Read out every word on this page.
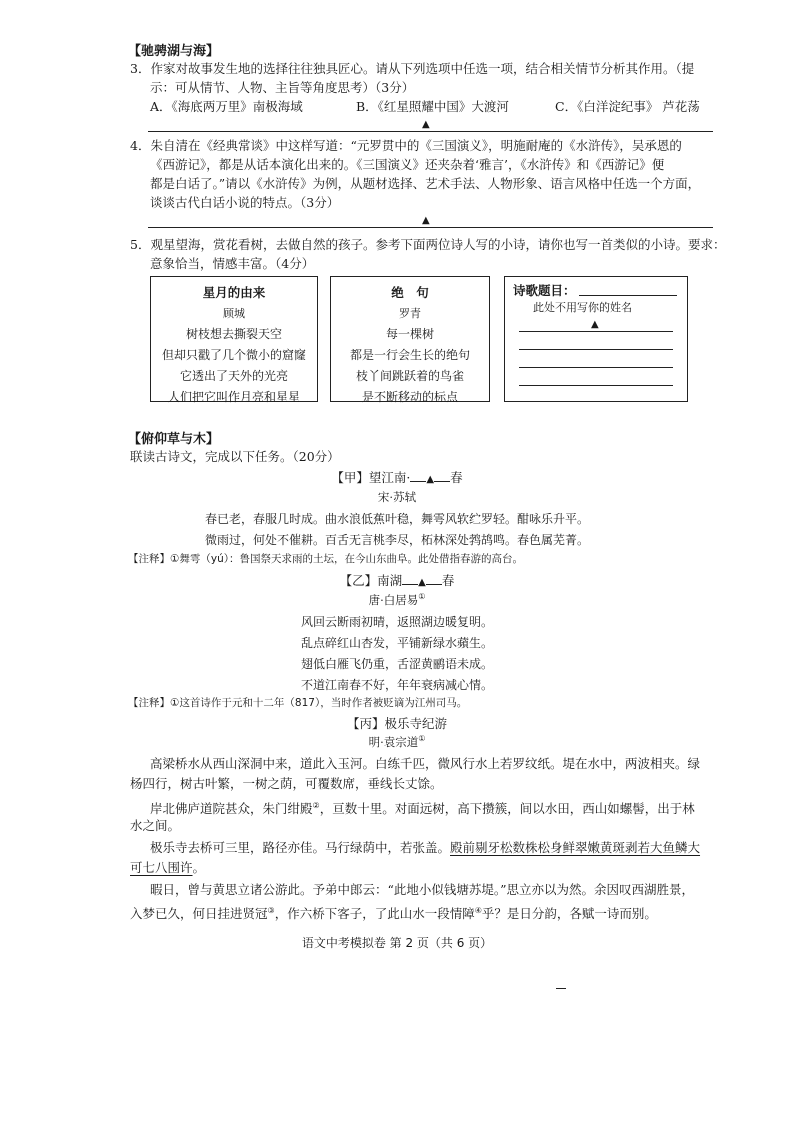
【驰骋湖与海】
3．作家对故事发生地的选择往往独具匠心。请从下列选项中任选一项，结合相关情节分析其作用。（提
示：可从情节、人物、主旨等角度思考）（3分）
A．《海底两万里》南极海域	B．《红星照耀中国》大渡河	C．《白洋淀纪事》 芦花荡
▲
4．朱自清在《经典常谈》中这样写道：“元罗贯中的《三国演义》，明施耐庵的《水浒传》，吴承恩的
《西游记》，都是从话本演化出来的。《三国演义》还夹杂着‘雅言’，《水浒传》和《西游记》便
都是白话了。”请以《水浒传》为例，从题材选择、艺术手法、人物形象、语言风格中任选一个方面，
谈谈古代白话小说的特点。（3分）
▲
5．观星望海，赏花看树，去做自然的孩子。参考下面两位诗人写的小诗，请你也写一首类似的小诗。要求：
意象恰当，情感丰富。（4分）
星月的由来
顾城
树枝想去撕裂天空
但却只戳了几个微小的窟窿
它透出了天外的光亮
人们把它叫作月亮和星星
绝　句
罗青
每一棵树
都是一行会生长的绝句
枝丫间跳跃着的鸟雀
是不断移动的标点
诗歌题目：
此处不用写你的姓名
▲
【俯仰草与木】
联读古诗文，完成以下任务。（20分）
【甲】望江南· ▲ 春
宋·苏轼
春已老，春服几时成。曲水浪低蕉叶稳，舞雩风软纻罗轻。酣咏乐升平。
微雨过，何处不催耕。百舌无言桃李尽，柘林深处鹁鸪鸣。春色属芜菁。
【注释】①舞雩（yú）：鲁国祭天求雨的土坛，在今山东曲阜。此处借指春游的高台。
【乙】南湖 ▲ 春
唐·白居易①
风回云断雨初晴，返照湖边暖复明。
乱点碎红山杏发，平铺新绿水蘋生。
翅低白雁飞仍重，舌涩黄鹂语未成。
不道江南春不好，年年衰病减心情。
【注释】①这首诗作于元和十二年（817），当时作者被贬谪为江州司马。
【丙】极乐寺纪游
明·袁宗道①
高梁桥水从西山深洞中来，道此入玉河。白练千匹，微风行水上若罗纹纸。堤在水中，两波相夹。绿
杨四行，树古叶繁，一树之荫，可覆数席，垂线长丈馀。
岸北佛庐道院甚众，朱门绀殿②，亘数十里。对面远树，高下攒簇，间以水田，西山如螺髻，出于林
水之间。
极乐寺去桥可三里，路径亦佳。马行绿荫中，若张盖。殿前剔牙松数株松身鲜翠嫩黄斑剥若大鱼鳞大
可七八围许。
暇日，曾与黄思立诸公游此。予弟中郎云：“此地小似钱塘苏堤。”思立亦以为然。余因叹西湖胜景，
入梦已久，何日挂进贤冠③，作六桥下客子，了此山水一段情障④乎？是日分韵，各赋一诗而别。
语文中考模拟卷 第 2 页（共 6 页）
